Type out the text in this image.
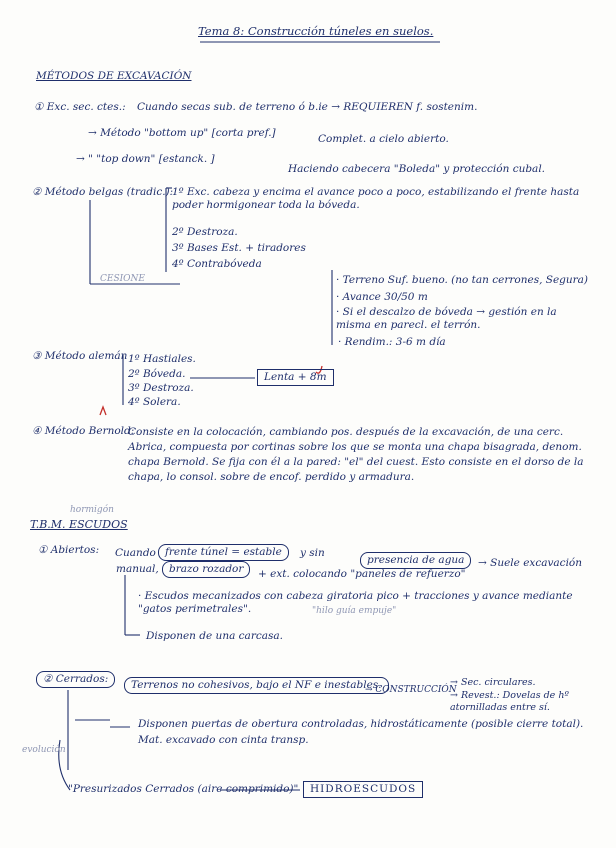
Tema 8: Construcción túneles en suelos.
MÉTODOS DE EXCAVACIÓN
① Exc. sec. ctes.: Cuando secas sub. de terreno ó b.ie → REQUIEREN f. sostenim.
→ Método "bottom up" [corta pref.]	Complet. a cielo abierto.
→ " "top down" [estanck. ]
Haciendo cabecera "Boleda" y protección cubal.
② Método belgas (tradic.):
1º Exc. cabeza y encima el avance poco a poco, estabilizando el frente hasta poder hormigonear toda la bóveda.
2º Destroza.
3º Bases Est. + tiradores
4º Contrabóveda
CESIONE	· Terreno Suf. bueno. (no tan cerrones, Segura)
· Avance 30/50 m
· Si el descalzo de bóveda → gestión en la misma en parecl. el terrón.
· Rendim.: 3-6 m día
③ Método alemán 1º Hastiales.
2º Bóveda.
3º Destroza.
4º Solera.
Lenta + 8m
④ Método Bernold:
Consiste en la colocación, cambiando pos. después de la excavación, de una cerc. Abrica, compuesta por cortinas sobre los que se monta una chapa bisagrada, denom. chapa Bernold. Se fija con él a la pared: "el" del cuest. Esto consiste en el dorso de la chapa, lo consol. sobre de encof. perdido y armadura.
hormigón
T.B.M. ESCUDOS
① Abiertos: Cuando frente túnel = estable	y sin
presencia de agua	→ Suele excavación
manual, brazo rozador	+ ext. colocando "paneles de refuerzo"
· Escudos mecanizados con cabeza giratoria pico + tracciones y avance mediante "gatos perimetrales".	"hilo guía empuje"
Disponen de una carcasa.
② Cerrados:	Terrenos no cohesivos, bajo el NF e inestables.
→ CONSTRUCCIÓN
→ Sec. circulares.
→ Revest.: Dovelas de hº atornilladas entre sí.
Disponen puertas de obertura controladas, hidrostáticamente (posible cierre total). Mat. excavado con cinta transp.
evolución
"Presurizados Cerrados (aire comprimido)"	HIDROESCUDOS
